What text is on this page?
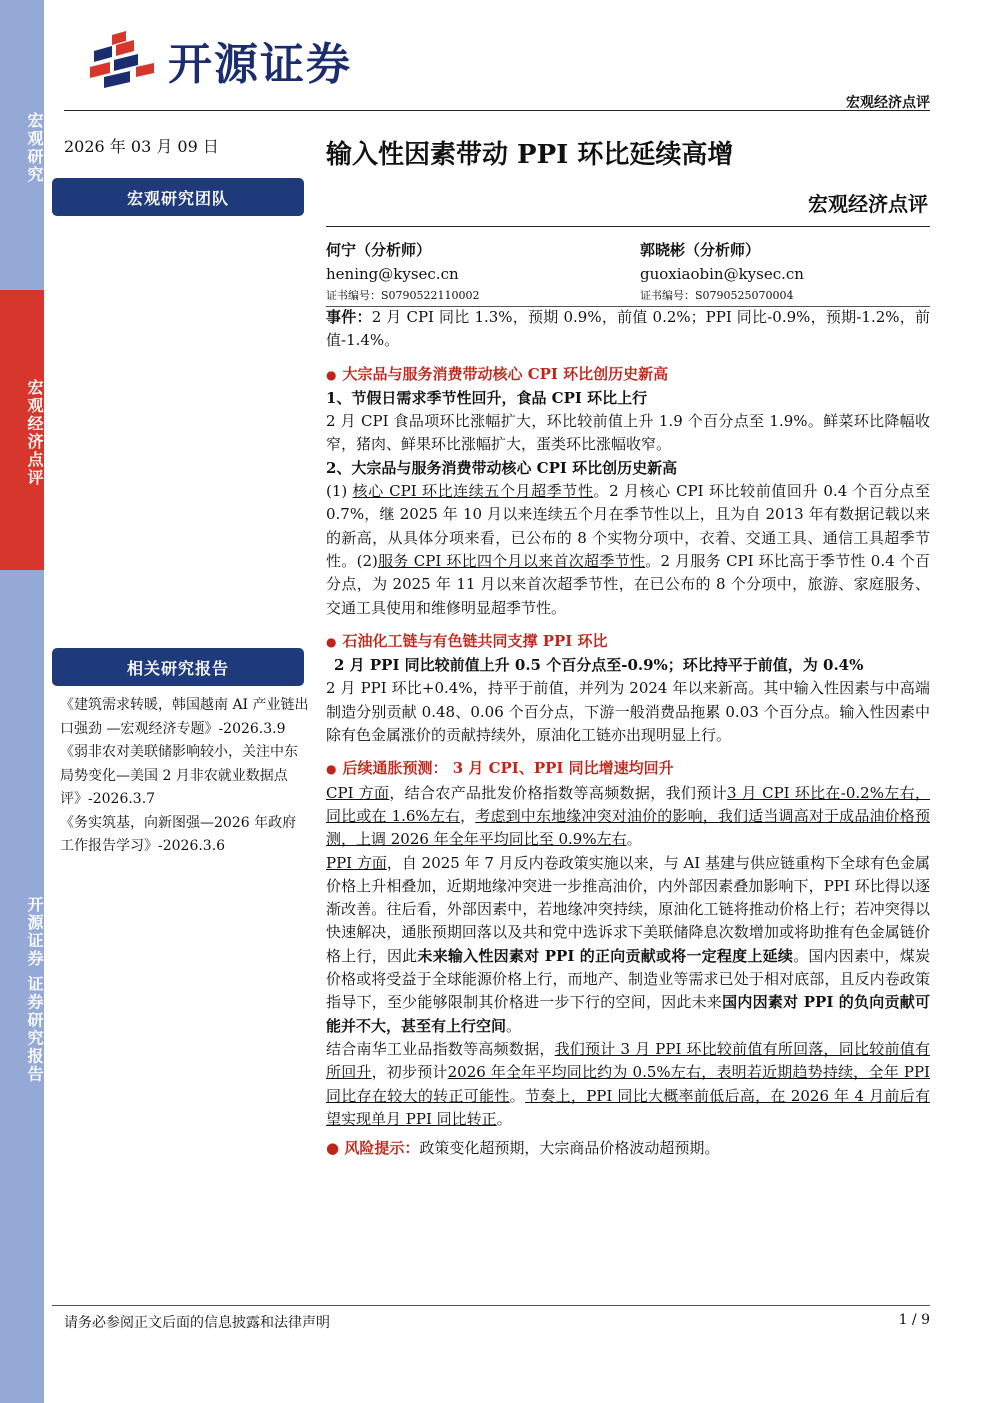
宏观研究
宏观经济点评
开源证券 证券研究报告
开源证券
宏观经济点评
2026 年 03 月 09 日
宏观研究团队
输入性因素带动 PPI 环比延续高增
宏观经济点评
何宁（分析师）
hening@kysec.cn
证书编号：S0790522110002
郭晓彬（分析师）
guoxiaobin@kysec.cn
证书编号：S0790525070004
相关研究报告

《建筑需求转暖，韩国越南 AI 产业链出口强劲 —宏观经济专题》-2026.3.9

《弱非农对美联储影响较小，关注中东局势变化—美国 2 月非农就业数据点评》-2026.3.7

《务实筑基，向新图强—2026 年政府工作报告学习》-2026.3.6

事件：2 月 CPI 同比 1.3%，预期 0.9%，前值 0.2%；PPI 同比-0.9%，预期-1.2%，前值-1.4%。

● 大宗品与服务消费带动核心 CPI 环比创历史新高

1、节假日需求季节性回升，食品 CPI 环比上行

2 月 CPI 食品项环比涨幅扩大，环比较前值上升 1.9 个百分点至 1.9%。鲜菜环比降幅收窄，猪肉、鲜果环比涨幅扩大，蛋类环比涨幅收窄。

2、大宗品与服务消费带动核心 CPI 环比创历史新高

(1) 核心 CPI 环比连续五个月超季节性。2 月核心 CPI 环比较前值回升 0.4 个百分点至 0.7%，继 2025 年 10 月以来连续五个月在季节性以上，且为自 2013 年有数据记载以来的新高，从具体分项来看，已公布的 8 个实物分项中，衣着、交通工具、通信工具超季节性。(2)服务 CPI 环比四个月以来首次超季节性。2 月服务 CPI 环比高于季节性 0.4 个百分点，为 2025 年 11 月以来首次超季节性，在已公布的 8 个分项中，旅游、家庭服务、交通工具使用和维修明显超季节性。

● 石油化工链与有色链共同支撑 PPI 环比

2 月 PPI 同比较前值上升 0.5 个百分点至-0.9%；环比持平于前值，为 0.4%

2 月 PPI 环比+0.4%，持平于前值，并列为 2024 年以来新高。其中输入性因素与中高端制造分别贡献 0.48、0.06 个百分点，下游一般消费品拖累 0.03 个百分点。输入性因素中除有色金属涨价的贡献持续外，原油化工链亦出现明显上行。

● 后续通胀预测： 3 月 CPI、PPI 同比增速均回升

CPI 方面，结合农产品批发价格指数等高频数据，我们预计3 月 CPI 环比在-0.2%左右，同比或在 1.6%左右，考虑到中东地缘冲突对油价的影响，我们适当调高对于成品油价格预测，上调 2026 年全年平均同比至 0.9%左右。

PPI 方面，自 2025 年 7 月反内卷政策实施以来，与 AI 基建与供应链重构下全球有色金属价格上升相叠加，近期地缘冲突进一步推高油价，内外部因素叠加影响下，PPI 环比得以逐渐改善。往后看，外部因素中，若地缘冲突持续，原油化工链将推动价格上行；若冲突得以快速解决，通胀预期回落以及共和党中选诉求下美联储降息次数增加或将助推有色金属链价格上行，因此未来输入性因素对 PPI 的正向贡献或将一定程度上延续。国内因素中，煤炭价格或将受益于全球能源价格上行，而地产、制造业等需求已处于相对底部，且反内卷政策指导下，至少能够限制其价格进一步下行的空间，因此未来国内因素对 PPI 的负向贡献可能并不大，甚至有上行空间。

结合南华工业品指数等高频数据，我们预计 3 月 PPI 环比较前值有所回落，同比较前值有所回升，初步预计2026 年全年平均同比约为 0.5%左右，表明若近期趋势持续，全年 PPI 同比存在较大的转正可能性。节奏上，PPI 同比大概率前低后高，在 2026 年 4 月前后有望实现单月 PPI 同比转正。

● 风险提示：政策变化超预期，大宗商品价格波动超预期。

请务必参阅正文后面的信息披露和法律声明	1 / 9
